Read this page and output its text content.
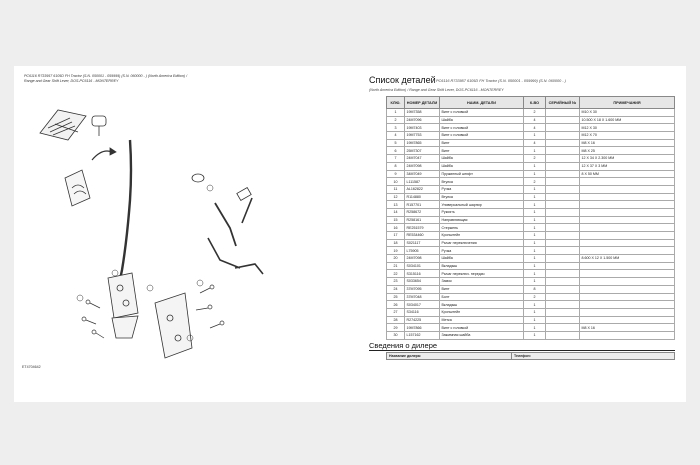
PC6116 R733957 6105D FH Tractor (S.N. 050001 - 059999) (S.N. 060000 - ) (North America Edition) /
Range and Gear Shift Lever, DOS-PC6116 - MONTERREY
ET4704642
Список деталей PC6116 R733957 6105D FH Tractor (S.N. 050001 - 059999) (S.N. 060000 - )
(North America Edition) / Range and Gear Shift Lever, DOS-PC6116 - MONTERREY
КЛЮ.	НОМЕР ДЕТАЛИ	НАИМ. ДЕТАЛИ	К-ВО	СЕРИЙНЫЙ №	ПРИМЕЧАНИЯ
1	19M7358	Винт с головкой	2		M10 X 30
2	24M7096	Шайба	4		10.500 X 18 X 1.600 MM
3	19M7403	Винт с головкой	4		M12 X 30
4	19M7753	Винт с головкой	1		M12 X 70
5	19M7865	Винт	4		M8 X 16
6	25M7307	Винт	1		M8 X 25
7	24M7047	Шайба	2		12 X 34 X 2.300 MM
8	24M7098	Шайба	1		12 X 37 X 3 MM
9	34M7049	Пружинный штифт	1		8 X 50 MM
10	L111587	Втулка	2		
11	AL162822	Ручка	1		
12	R114880	Втулка	1		
13	R157701	Универсальный шарнир	1		
14	R258672	Рукоять	1		
15	R258161	Направляющая	1		
16	RE251579	Стержень	1		
17	RE534460	Кронштейн	1		
18	S021117	Рычаг переключения	1		
19	L75905	Ручка	1		
20	24M7098	Шайба	1		8.600 X 12 X 1.500 MM
21	S034101	Вкладыш	1		
22	S315116	Рычаг переключ. передач	1		
23	S033654	Замок	1		
24	37M7095	Винт	8		
25	37M7048	Болт	2		
26	S034017	Вкладыш	1		
27	S34116	Кронштейн	1		
28	R274225	Метка	1		
29	19M7866	Винт с головкой	1		M8 X 16
30	L157162	Зажимная шайба	1		
Сведения о дилере
Название дилера:	Телефон:
